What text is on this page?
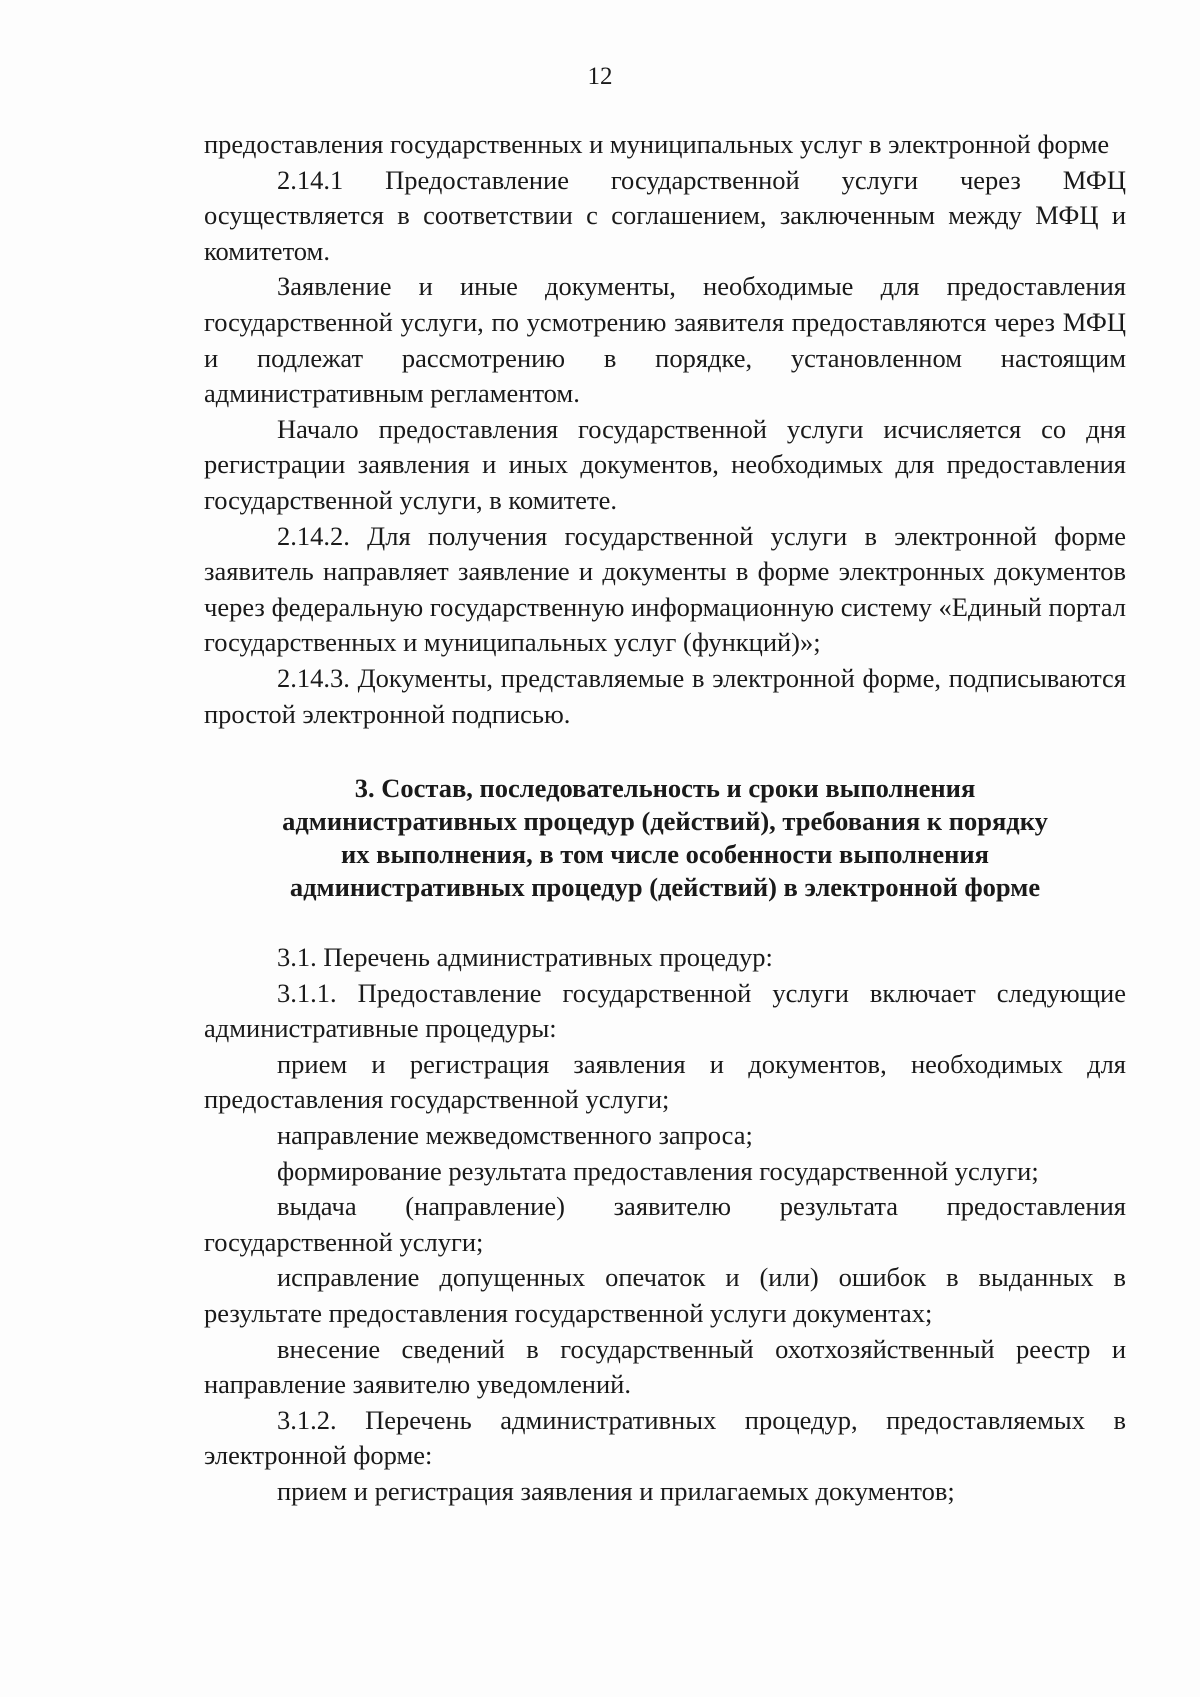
12

предоставления государственных и муниципальных услуг в электронной форме

2.14.1 Предоставление государственной услуги через МФЦ осуществляется в соответствии с соглашением, заключенным между МФЦ и комитетом.

Заявление и иные документы, необходимые для предоставления государственной услуги, по усмотрению заявителя предоставляются через МФЦ и подлежат рассмотрению в порядке, установленном настоящим административным регламентом.

Начало предоставления государственной услуги исчисляется со дня регистрации заявления и иных документов, необходимых для предоставления государственной услуги, в комитете.

2.14.2. Для получения государственной услуги в электронной форме заявитель направляет заявление и документы в форме электронных документов через федеральную государственную информационную систему «Единый портал государственных и муниципальных услуг (функций)»;

2.14.3. Документы, представляемые в электронной форме, подписываются простой электронной подписью.

3. Состав, последовательность и сроки выполнения
административных процедур (действий), требования к порядку
их выполнения, в том числе особенности выполнения
административных процедур (действий) в электронной форме

3.1. Перечень административных процедур:

3.1.1. Предоставление государственной услуги включает следующие административные процедуры:

прием и регистрация заявления и документов, необходимых для предоставления государственной услуги;

направление межведомственного запроса;

формирование результата предоставления государственной услуги;

выдача (направление) заявителю результата предоставления государственной услуги;

исправление допущенных опечаток и (или) ошибок в выданных в результате предоставления государственной услуги документах;

внесение сведений в государственный охотхозяйственный реестр и направление заявителю уведомлений.

3.1.2. Перечень административных процедур, предоставляемых в электронной форме:

прием и регистрация заявления и прилагаемых документов;
